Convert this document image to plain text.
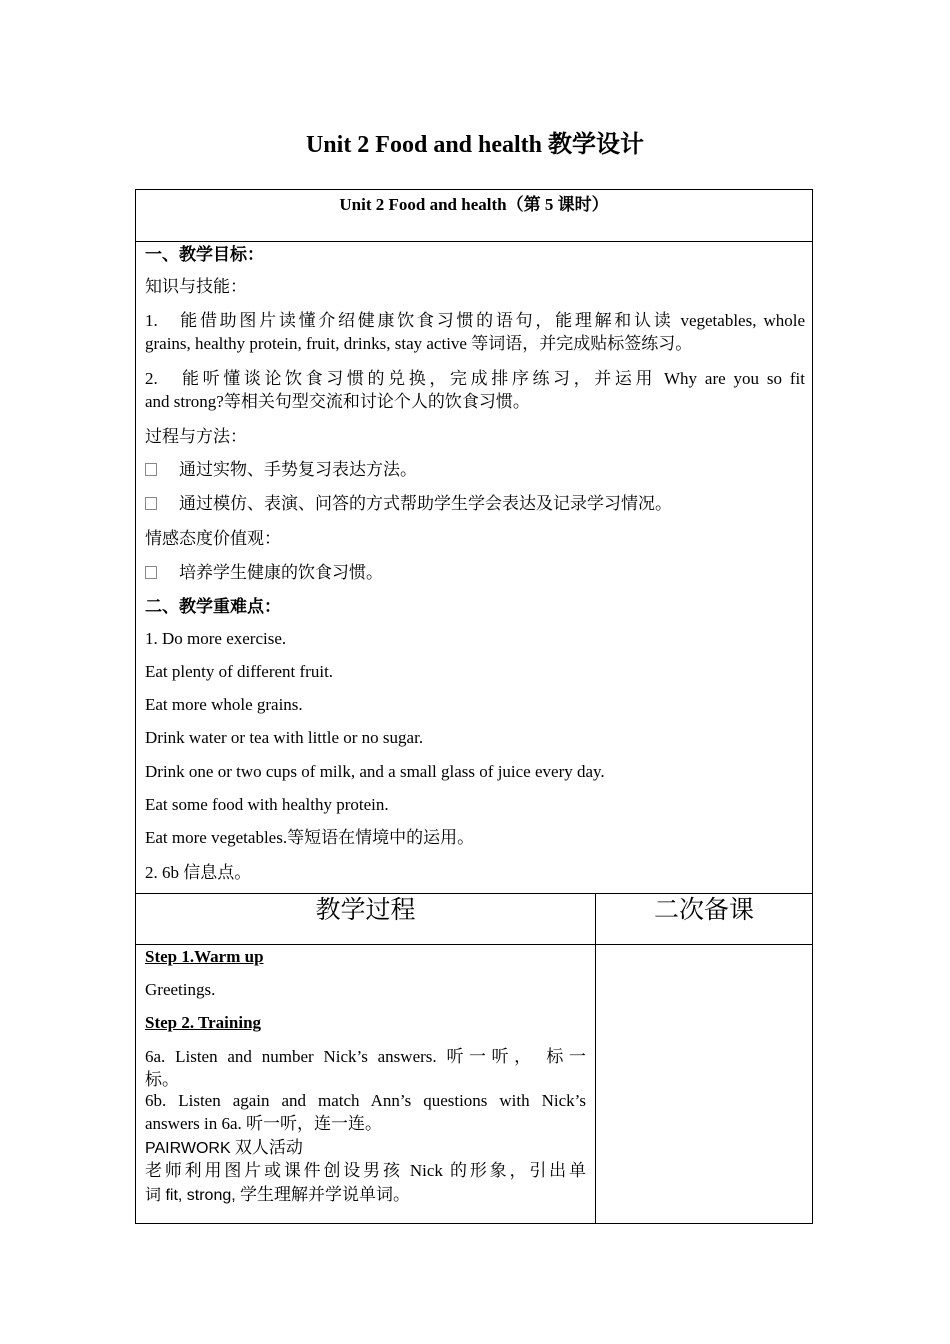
Unit 2 Food and health 教学设计
Unit 2 Food and health（第 5 课时）
一、教学目标：
知识与技能：
1.　能借助图片读懂介绍健康饮食习惯的语句，能理解和认读 vegetables, whole
grains, healthy protein, fruit, drinks, stay active 等词语，并完成贴标签练习。
2.　能听懂谈论饮食习惯的兑换，完成排序练习，并运用 Why are you so fit
and strong?等相关句型交流和讨论个人的饮食习惯。
过程与方法：
通过实物、手势复习表达方法。
通过模仿、表演、问答的方式帮助学生学会表达及记录学习情况。
情感态度价值观：
培养学生健康的饮食习惯。
二、教学重难点：
1. Do more exercise.
Eat plenty of different fruit.
Eat more whole grains.
Drink water or tea with little or no sugar.
Drink one or two cups of milk, and a small glass of juice every day.
Eat some food with healthy protein.
Eat more vegetables.等短语在情境中的运用。
2. 6b 信息点。
教学过程	二次备课
Step 1.Warm up
Greetings.
Step 2. Training
6a. Listen and number Nick’s answers. 听一听， 标一
标。
6b. Listen again and match Ann’s questions with Nick’s
answers in 6a. 听一听，连一连。
PAIRWORK 双人活动
老师利用图片或课件创设男孩 Nick 的形象，引出单
词 fit, strong, 学生理解并学说单词。
